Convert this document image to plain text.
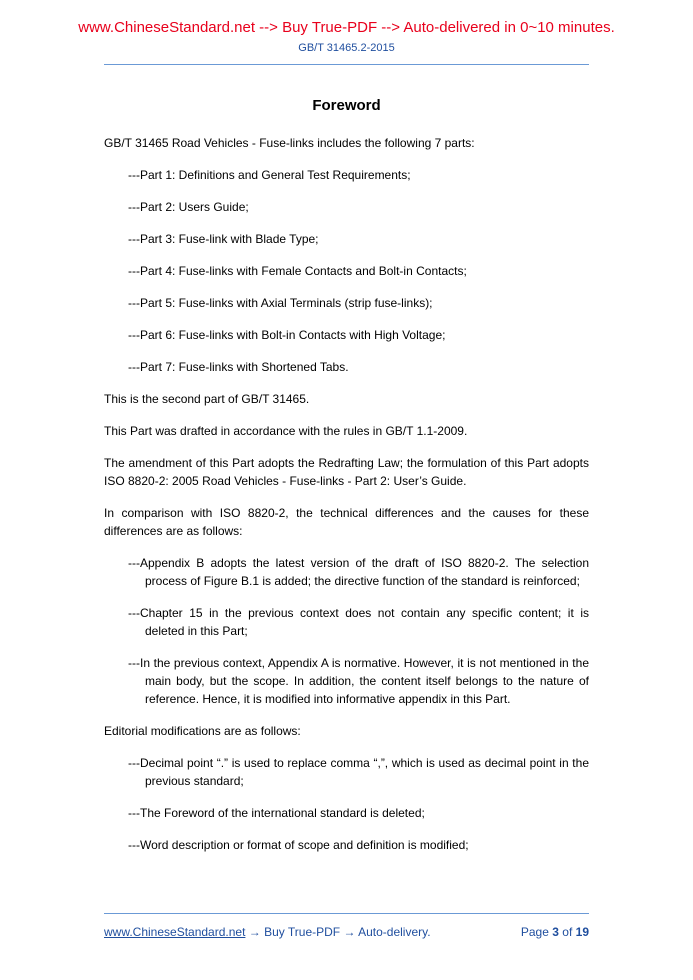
www.ChineseStandard.net --> Buy True-PDF --> Auto-delivered in 0~10 minutes.
GB/T 31465.2-2015
Foreword
GB/T 31465 Road Vehicles - Fuse-links includes the following 7 parts:
---Part 1: Definitions and General Test Requirements;
---Part 2: Users Guide;
---Part 3: Fuse-link with Blade Type;
---Part 4: Fuse-links with Female Contacts and Bolt-in Contacts;
---Part 5: Fuse-links with Axial Terminals (strip fuse-links);
---Part 6: Fuse-links with Bolt-in Contacts with High Voltage;
---Part 7: Fuse-links with Shortened Tabs.
This is the second part of GB/T 31465.
This Part was drafted in accordance with the rules in GB/T 1.1-2009.
The amendment of this Part adopts the Redrafting Law; the formulation of this Part adopts ISO 8820-2: 2005 Road Vehicles - Fuse-links - Part 2: User’s Guide.
In comparison with ISO 8820-2, the technical differences and the causes for these differences are as follows:
---Appendix B adopts the latest version of the draft of ISO 8820-2. The selection process of Figure B.1 is added; the directive function of the standard is reinforced;
---Chapter 15 in the previous context does not contain any specific content; it is deleted in this Part;
---In the previous context, Appendix A is normative. However, it is not mentioned in the main body, but the scope. In addition, the content itself belongs to the nature of reference. Hence, it is modified into informative appendix in this Part.
Editorial modifications are as follows:
---Decimal point “.” is used to replace comma “,”, which is used as decimal point in the previous standard;
---The Foreword of the international standard is deleted;
---Word description or format of scope and definition is modified;
www.ChineseStandard.net → Buy True-PDF → Auto-delivery.	Page 3 of 19
